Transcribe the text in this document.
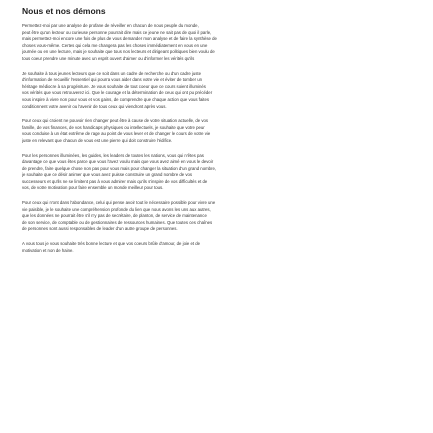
Nous et nos démons
Permettez-moi par une analyse de profane de réveiller en chacun de nous peuple du monde,
peut être qu'un lecteur ou curieuse personne pourrait dire mais ce jeune ne sait pas de quoi il parle,
mais permettez-moi encore une fois de plus de vous demander mon analyse et de faire la synthèse de
choses vous-même. Certes qui cela me changera pas les choses immédiatement en vous en une
journée ou en une lecture, mais je souhaite que tous nos lecteurs et dirigeant politiques bien voulu de
tous coeur prendre une minute avec un esprit ouvert d'aimer ou d'informer les vérités qu'ils
Je souhaite à tous jeunes lecteurs que ce soit dans un cadre de recherche ou d'un cadre juste
d'information de recueillir l'essentiel qui pourra vous aider dans votre vie et éviter de tomber un
héritage médiocre à sa progéniture. Je vous souhaite de tout coeur que ce cours soient illuminés
vos vérités que vous retrouverez ici. Que le courage et la détermination de ceux qui ont pu précéder
vous inspire à vivre non pour vous et vos gains, de comprendre que chaque action que vous faites
conditionnent votre avenir ou l'avenir de tous ceux qui viendront après vous.
Pour ceux qui croient ne pouvoir rien changer peut être à cause de votre situation actuelle, de vos
famille, de vos finances, de vos handicaps physiques ou intellectuels, je souhaite que votre peur
vous conduise à un état extrême de rage au point de vous lever et de changer le cours de votre vie
juste en relevant que chacun de vous est une pierre qui doit construire l'édifice.
Pour les personnes illuminées, les guides, les leaders de toutes les nations, vous qui n'êtes pas
davantage ce que vous êtes parce que vous l'avez voulu mais que vous avez aimé en vous le devoir
de prendre, faire quelque chose non pas pour vous mais pour changer la situation d'un grand nombre,
je souhaite que ce désir animer que vous avez puisse construire un grand nombre de vos
successeurs et qu'ils ne se limitent pas à vous admirer mais qu'ils s'inspire de vos difficultés et de
vos, de votre motivation pour faire ensemble un monde meilleur pour tous.
Pour ceux qui n'ont dans l'abondance, celui qui pense avoir tout le nécessaire possible pour vivre une
vie paisible, je le souhaite une compréhension profonde du lien que nous avons les uns aux autres,
que les données ne pourrait être s'il n'y pas de secrétaire, de planton, de service de maintenance
de son service, de comptable ou de gestionnaires de ressources humaines. Que toutes ces chaînes
de personnes sont aussi responsables de leader d'un autre groupe de personnes.
A vous tous je vous souhaite très bonne lecture et que vos coeurs brûle d'amour, de joie et de
motivation et non de haine.
